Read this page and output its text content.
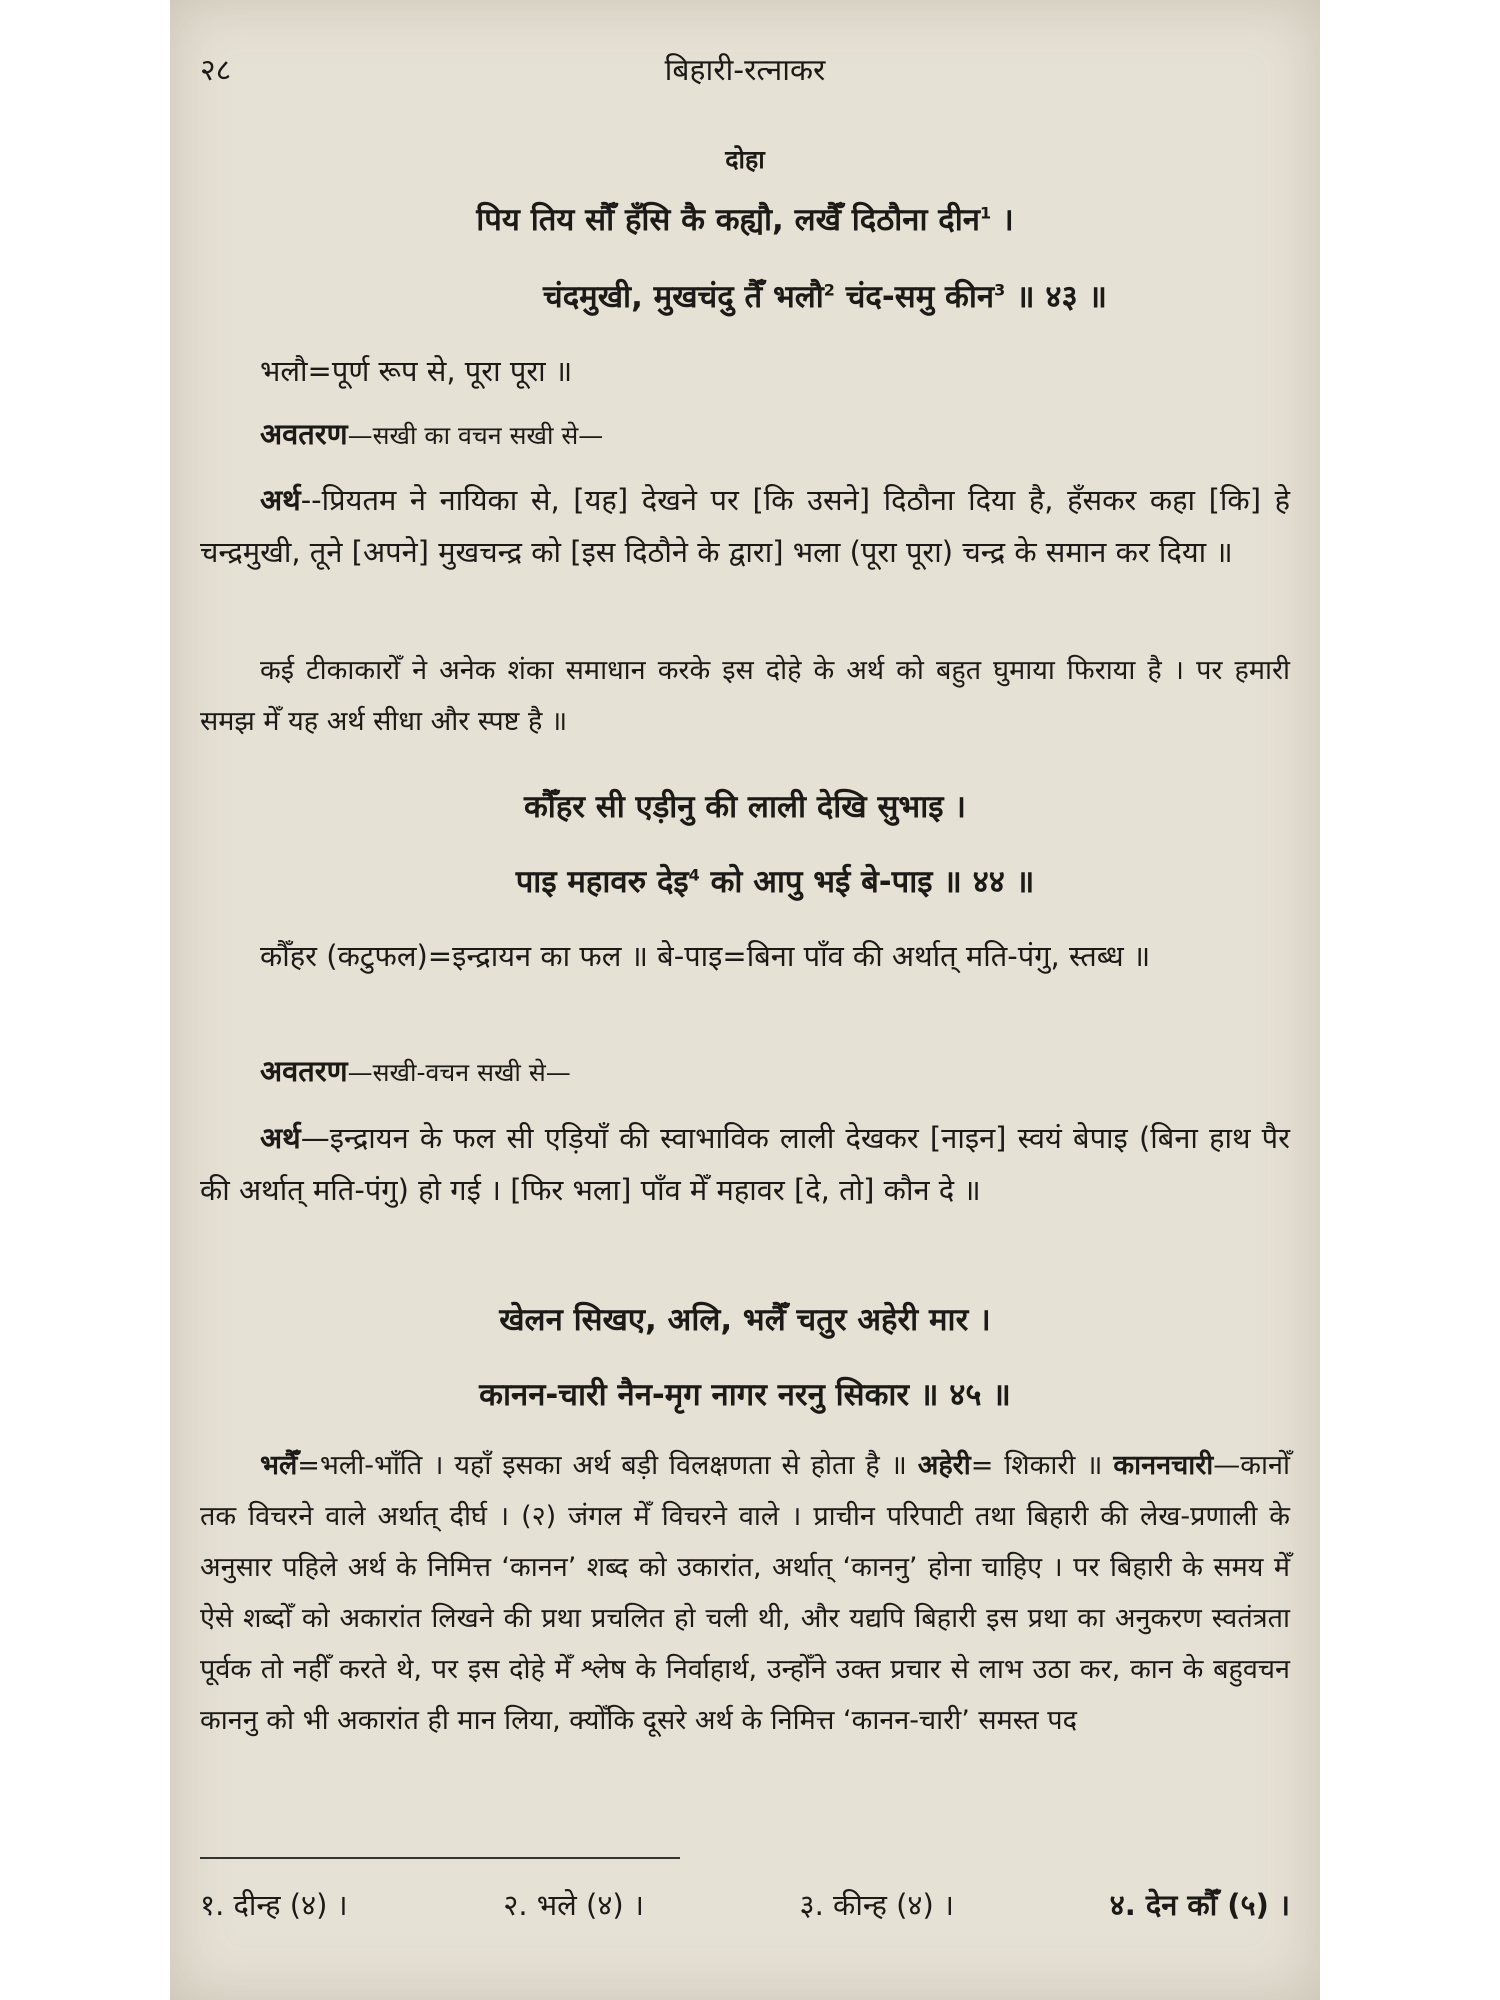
२८	बिहारी-रत्नाकर
दोहा
पिय तिय सौँ हँसि कै कह्यौ, लखैँ दिठौना दीन$^1$ ।
चंदमुखी, मुखचंदु तैँ भलौ$^2$ चंद-समु कीन$^3$ ॥ ४३ ॥
भलौ=पूर्ण रूप से, पूरा पूरा ॥
अवतरण—सखी का वचन सखी से—
अर्थ--प्रियतम ने नायिका से, [यह] देखने पर [कि उसने] दिठौना दिया है, हँसकर कहा [कि] हे चन्द्रमुखी, तूने [अपने] मुखचन्द्र को [इस दिठौने के द्वारा] भला (पूरा पूरा) चन्द्र के समान कर दिया ॥
कई टीकाकारोँ ने अनेक शंका समाधान करके इस दोहे के अर्थ को बहुत घुमाया फिराया है । पर हमारी समझ मेँ यह अर्थ सीधा और स्पष्ट है ॥
कौँहर सी एड़ीनु की लाली देखि सुभाइ ।
पाइ महावरु देइ$^4$ को आपु भई बे-पाइ ॥ ४४ ॥
कौँहर (कटुफल)=इन्द्रायन का फल ॥ बे-पाइ=बिना पाँव की अर्थात् मति-पंगु, स्तब्ध ॥
अवतरण—सखी-वचन सखी से—
अर्थ—इन्द्रायन के फल सी एड़ियाँ की स्वाभाविक लाली देखकर [नाइन] स्वयं बेपाइ (बिना हाथ पैर की अर्थात् मति-पंगु) हो गई । [फिर भला] पाँव मेँ महावर [दे, तो] कौन दे ॥
खेलन सिखए, अलि, भलैँ चतुर अहेरी मार ।
कानन-चारी नैन-मृग नागर नरनु सिकार ॥ ४५ ॥
भलैँ=भली-भाँति । यहाँ इसका अर्थ बड़ी विलक्षणता से होता है ॥ अहेरी= शिकारी ॥ काननचारी—कानोँ तक विचरने वाले अर्थात् दीर्घ । (२) जंगल मेँ विचरने वाले । प्राचीन परिपाटी तथा बिहारी की लेख-प्रणाली के अनुसार पहिले अर्थ के निमित्त ‘कानन’ शब्द को उकारांत, अर्थात् ‘काननु’ होना चाहिए । पर बिहारी के समय मेँ ऐसे शब्दोँ को अकारांत लिखने की प्रथा प्रचलित हो चली थी, और यद्यपि बिहारी इस प्रथा का अनुकरण स्वतंत्रता पूर्वक तो नहीँ करते थे, पर इस दोहे मेँ श्लेष के निर्वाहार्थ, उन्होँने उक्त प्रचार से लाभ उठा कर, कान के बहुवचन काननु को भी अकारांत ही मान लिया, क्योँकि दूसरे अर्थ के निमित्त ‘कानन-चारी’ समस्त पद
१. दीन्ह (४) ।	२. भले (४) ।	३. कीन्ह (४) ।	४. देन कौँ (५) ।
